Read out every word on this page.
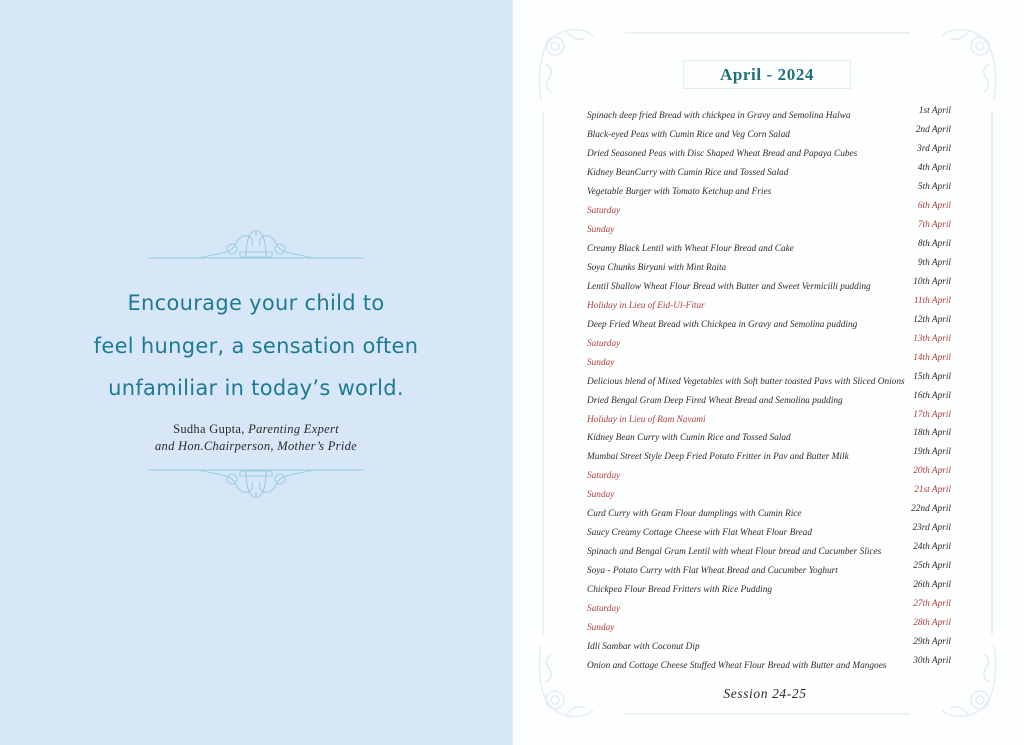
Encourage your child to
feel hunger, a sensation often
unfamiliar in today’s world.
Sudha Gupta, Parenting Expert
and Hon.Chairperson, Mother’s Pride
April - 2024
Spinach deep fried Bread with chickpea in Gravy and Semolina Halwa	1st April
Black-eyed Peas with Cumin Rice and Veg Corn Salad	2nd April
Dried Seasoned Peas with Disc Shaped Wheat Bread and Papaya Cubes	3rd April
Kidney BeanCurry with Cumin Rice and Tossed Salad	4th April
Vegetable Burger with Tomato Ketchup and Fries	5th April
Saturday	6th April
Sunday	7th April
Creamy Black Lentil with Wheat Flour Bread and Cake	8th April
Soya Chunks Biryani with Mint Raita	9th April
Lentil Shallow Wheat Flour Bread with Butter and Sweet Vermicilli pudding	10th April
Holiday in Lieu of Eid-Ul-Fitar	11th April
Deep Fried Wheat Bread with Chickpea in Gravy and Semolina pudding	12th April
Saturday	13th April
Sunday	14th April
Delicious blend of Mixed Vegetables with Soft butter toasted Pavs with Sliced Onions 15th April
Dried Bengal Gram Deep Fired Wheat Bread and Semolina pudding	16th April
Holiday in Lieu of Ram Navami	17th April
Kidney Bean Curry with Cumin Rice and Tossed Salad	18th April
Mumbai Street Style Deep Fried Potato Fritter in Pav and Butter Milk	19th April
Saturday	20th April
Sunday	21st April
Curd Curry with Gram Flour dumplings with Cumin Rice	22nd April
Saucy Creamy Cottage Cheese with Flat Wheat Flour Bread	23rd April
Spinach and Bengal Gram Lentil with wheat Flour bread and Cucumber Slices	24th April
Soya - Potato Curry with Flat Wheat Bread and Cucumber Yoghurt	25th April
Chickpea Flour Bread Fritters with Rice Pudding	26th April
Saturday	27th April
Sunday	28th April
Idli Sambar with Coconut Dip	29th April
Onion and Cottage Cheese Stuffed Wheat Flour Bread with Butter and Mangoes	30th April
Session 24-25
